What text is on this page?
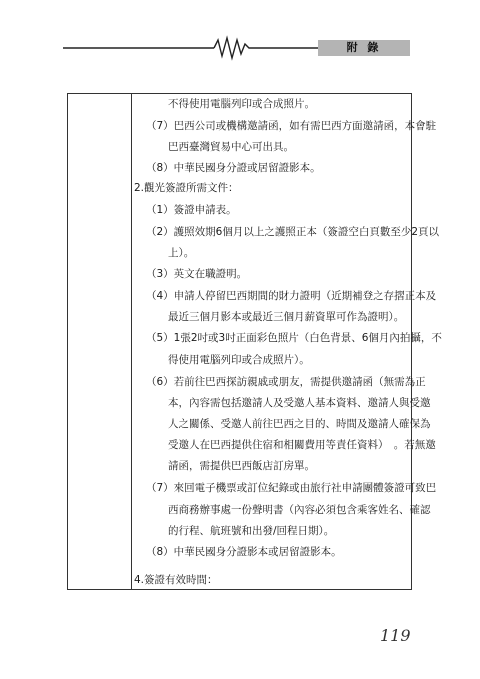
附 錄
不得使用電腦列印或合成照片。
（7）巴西公司或機構邀請函，如有需巴西方面邀請函，本會駐
巴西臺灣貿易中心可出具。
（8）中華民國身分證或居留證影本。
2.觀光簽證所需文件：
（1）簽證申請表。
（2）護照效期6個月以上之護照正本（簽證空白頁數至少2頁以
上）。
（3）英文在職證明。
（4）申請人停留巴西期間的財力證明（近期補登之存摺正本及
最近三個月影本或最近三個月薪資單可作為證明）。
（5）1張2吋或3吋正面彩色照片（白色背景、6個月內拍攝，不
得使用電腦列印或合成照片）。
（6）若前往巴西探訪親戚或朋友，需提供邀請函（無需為正
本，內容需包括邀請人及受邀人基本資料、邀請人與受邀
人之關係、受邀人前往巴西之目的、時間及邀請人確保為
受邀人在巴西提供住宿和相關費用等責任資料）　。若無邀
請函，需提供巴西飯店訂房單。
（7）來回電子機票或訂位紀錄或由旅行社申請團體簽證可致巴
西商務辦事處一份聲明書（內容必須包含乘客姓名、確認
的行程、航班號和出發/回程日期）。
（8）中華民國身分證影本或居留證影本。
4.簽證有效時間：
119
